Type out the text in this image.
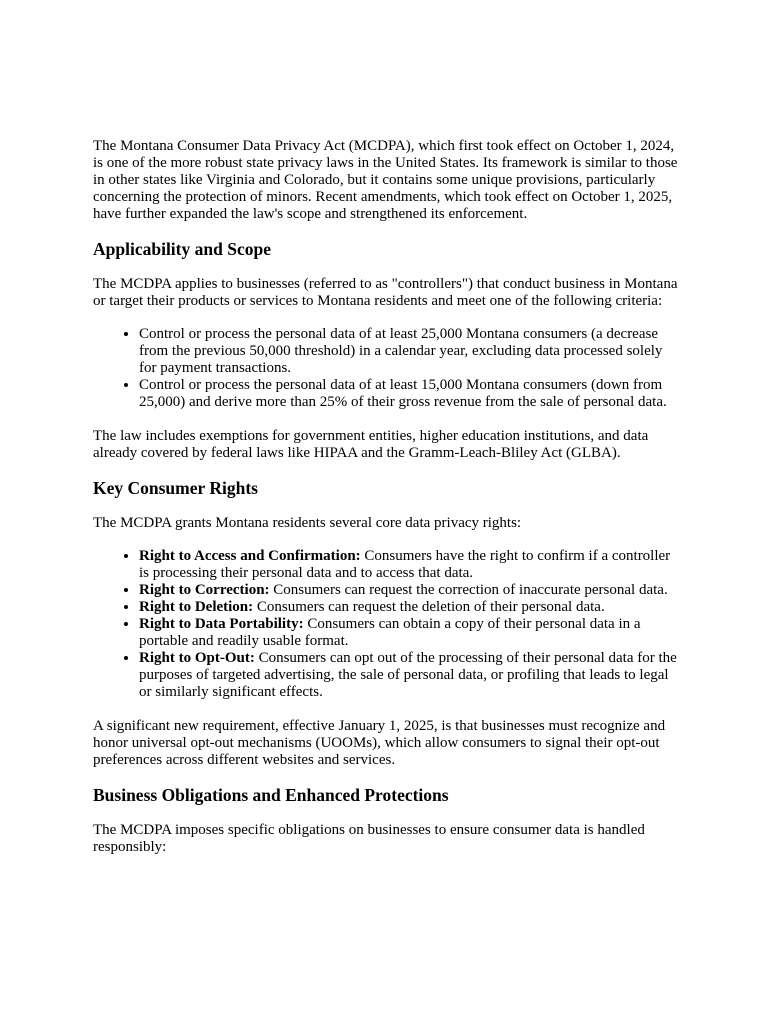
The Montana Consumer Data Privacy Act (MCDPA), which first took effect on October 1, 2024, is one of the more robust state privacy laws in the United States. Its framework is similar to those in other states like Virginia and Colorado, but it contains some unique provisions, particularly concerning the protection of minors. Recent amendments, which took effect on October 1, 2025, have further expanded the law's scope and strengthened its enforcement.

Applicability and Scope

The MCDPA applies to businesses (referred to as "controllers") that conduct business in Montana or target their products or services to Montana residents and meet one of the following criteria:

• Control or process the personal data of at least 25,000 Montana consumers (a decrease from the previous 50,000 threshold) in a calendar year, excluding data processed solely for payment transactions.
• Control or process the personal data of at least 15,000 Montana consumers (down from 25,000) and derive more than 25% of their gross revenue from the sale of personal data.

The law includes exemptions for government entities, higher education institutions, and data already covered by federal laws like HIPAA and the Gramm-Leach-Bliley Act (GLBA).

Key Consumer Rights

The MCDPA grants Montana residents several core data privacy rights:

• Right to Access and Confirmation: Consumers have the right to confirm if a controller is processing their personal data and to access that data.
• Right to Correction: Consumers can request the correction of inaccurate personal data.
• Right to Deletion: Consumers can request the deletion of their personal data.
• Right to Data Portability: Consumers can obtain a copy of their personal data in a portable and readily usable format.
• Right to Opt-Out: Consumers can opt out of the processing of their personal data for the purposes of targeted advertising, the sale of personal data, or profiling that leads to legal or similarly significant effects.

A significant new requirement, effective January 1, 2025, is that businesses must recognize and honor universal opt-out mechanisms (UOOMs), which allow consumers to signal their opt-out preferences across different websites and services.

Business Obligations and Enhanced Protections

The MCDPA imposes specific obligations on businesses to ensure consumer data is handled responsibly:
